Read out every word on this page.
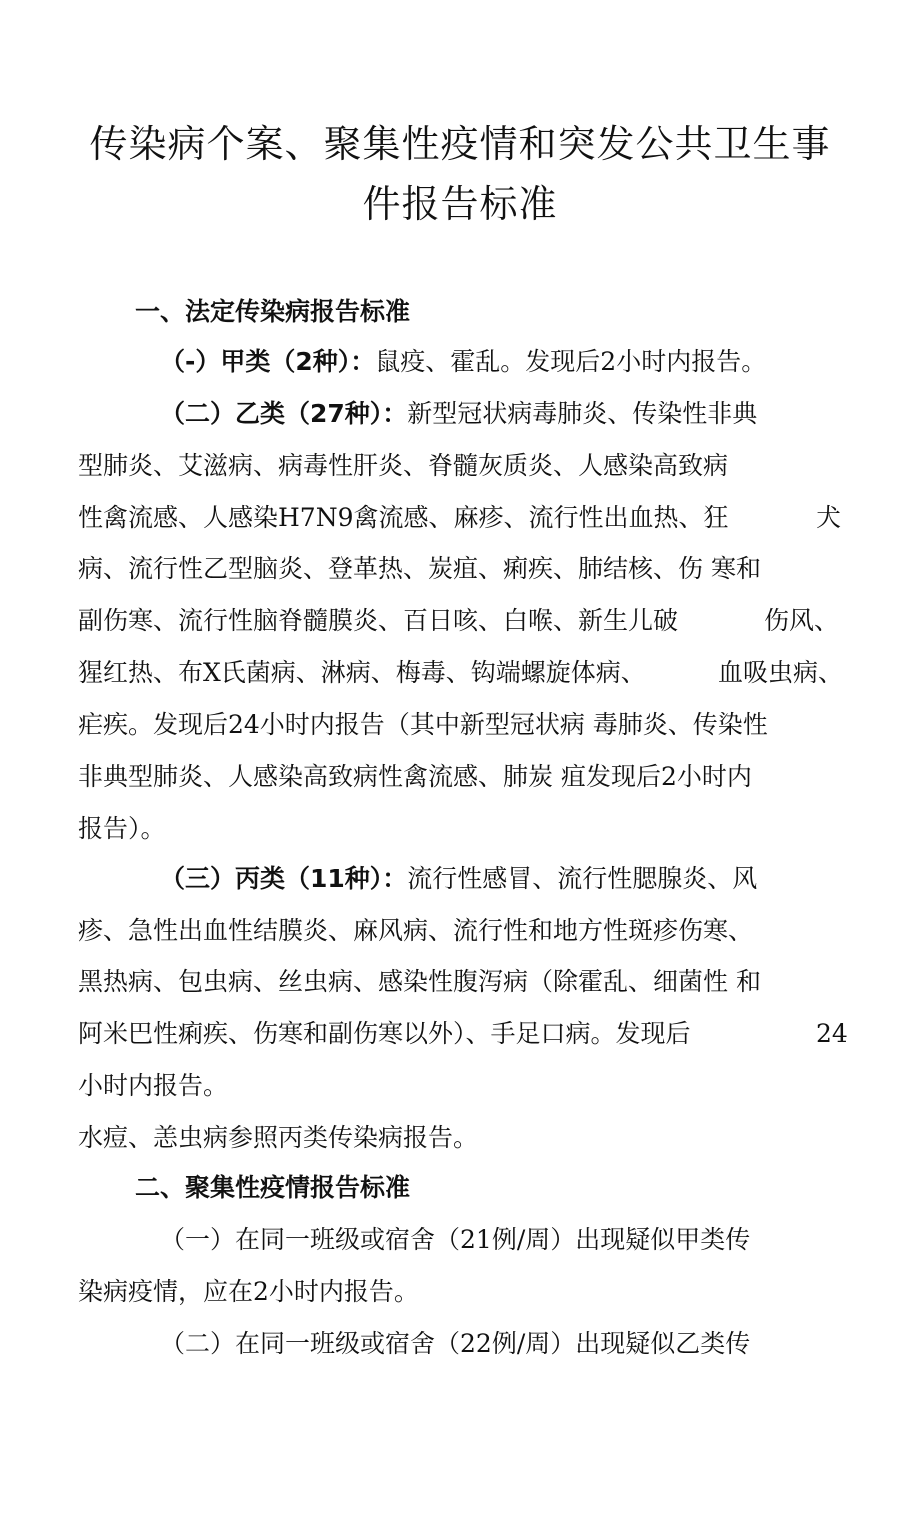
传染病个案、聚集性疫情和突发公共卫生事
件报告标准
一、法定传染病报告标准
（-）甲类（2种）：鼠疫、霍乱。发现后2小时内报告。
（二）乙类（27种）：新型冠状病毒肺炎、传染性非典
型肺炎、艾滋病、病毒性肝炎、脊髓灰质炎、人感染高致病
性禽流感、人感染H7N9禽流感、麻疹、流行性出血热、狂	犬
病、流行性乙型脑炎、登革热、炭疽、痢疾、肺结核、伤 寒和
副伤寒、流行性脑脊髓膜炎、百日咳、白喉、新生儿破	伤风、
猩红热、布X氏菌病、淋病、梅毒、钩端螺旋体病、	血吸虫病、
疟疾。发现后24小时内报告（其中新型冠状病 毒肺炎、传染性
非典型肺炎、人感染高致病性禽流感、肺炭 疽发现后2小时内
报告）。
（三）丙类（11种）：流行性感冒、流行性腮腺炎、风
疹、急性出血性结膜炎、麻风病、流行性和地方性斑疹伤寒、
黑热病、包虫病、丝虫病、感染性腹泻病（除霍乱、细菌性 和
阿米巴性痢疾、伤寒和副伤寒以外）、手足口病。发现后	24
小时内报告。
水痘、恙虫病参照丙类传染病报告。
二、聚集性疫情报告标准
（一）在同一班级或宿舍（21例/周）出现疑似甲类传
染病疫情，应在2小时内报告。
（二）在同一班级或宿舍（22例/周）出现疑似乙类传
